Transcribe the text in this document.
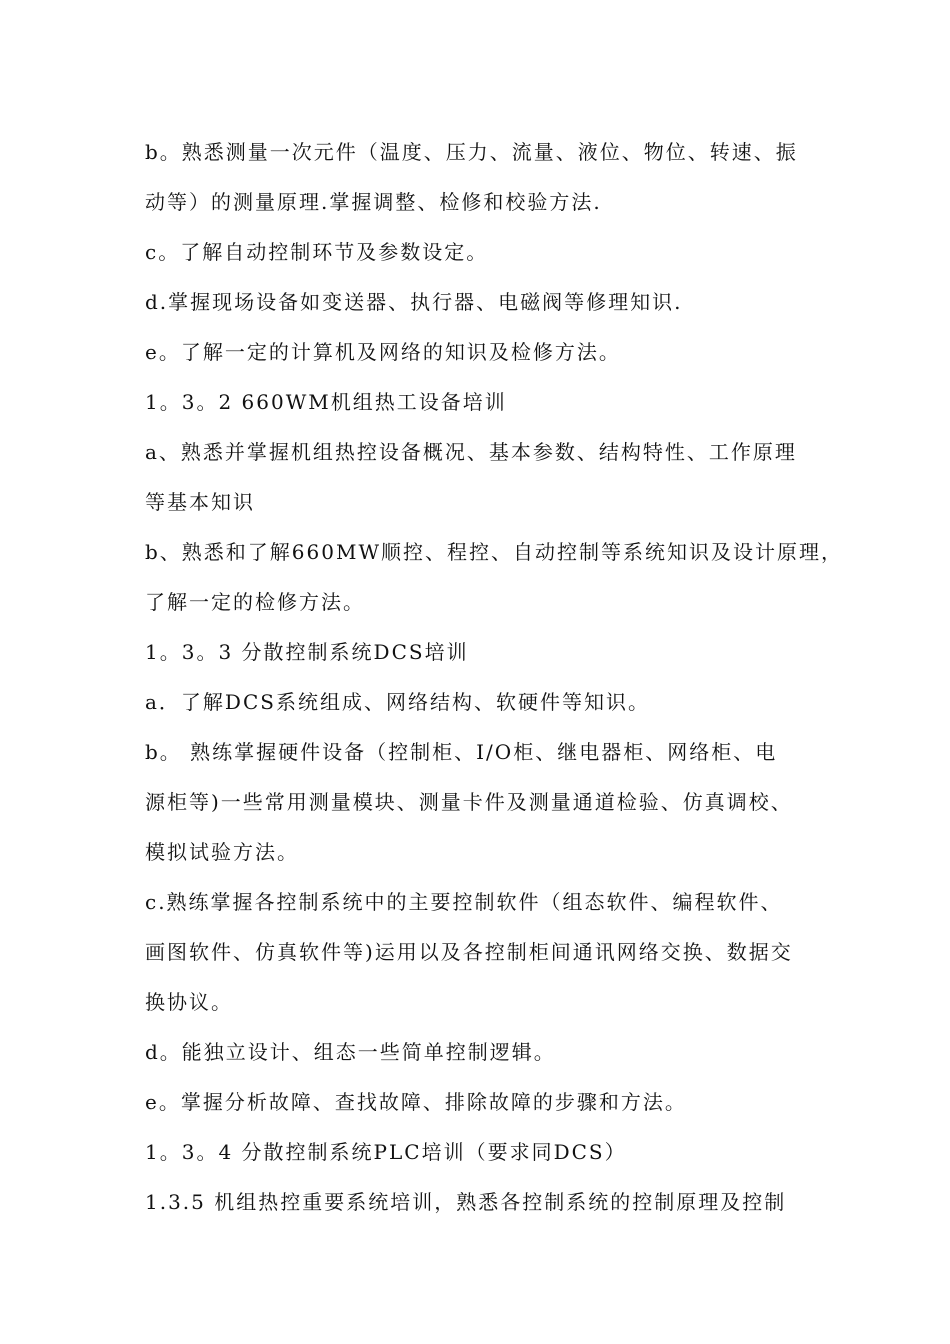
b。熟悉测量一次元件（温度、压力、流量、液位、物位、转速、振
动等）的测量原理.掌握调整、检修和校验方法.
c。了解自动控制环节及参数设定。
d.掌握现场设备如变送器、执行器、电磁阀等修理知识.
e。了解一定的计算机及网络的知识及检修方法。
1。3。2 660WM机组热工设备培训
a、熟悉并掌握机组热控设备概况、基本参数、结构特性、工作原理
等基本知识
b、熟悉和了解660MW顺控、程控、自动控制等系统知识及设计原理，
了解一定的检修方法。
1。3。3 分散控制系统DCS培训
a．了解DCS系统组成、网络结构、软硬件等知识。
b。 熟练掌握硬件设备（控制柜、I/O柜、继电器柜、网络柜、电
源柜等)一些常用测量模块、测量卡件及测量通道检验、仿真调校、
模拟试验方法。
c.熟练掌握各控制系统中的主要控制软件（组态软件、编程软件、
画图软件、仿真软件等)运用以及各控制柜间通讯网络交换、数据交
换协议。
d。能独立设计、组态一些简单控制逻辑。
e。掌握分析故障、查找故障、排除故障的步骤和方法。
1。3。4 分散控制系统PLC培训（要求同DCS）
1.3.5 机组热控重要系统培训，熟悉各控制系统的控制原理及控制
